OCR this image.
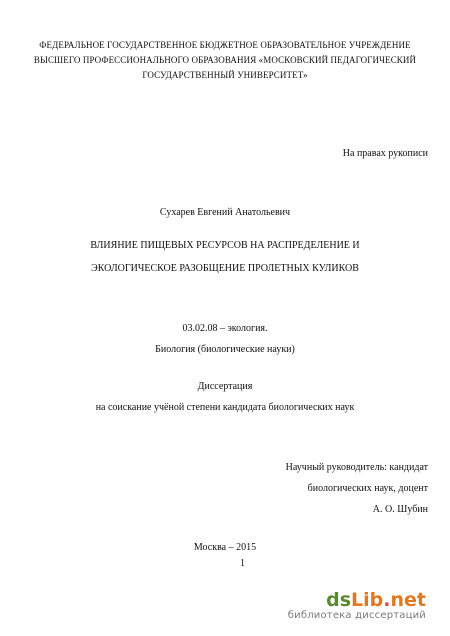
ФЕДЕРАЛЬНОЕ ГОСУДАРСТВЕННОЕ БЮДЖЕТНОЕ ОБРАЗОВАТЕЛЬНОЕ УЧРЕЖДЕНИЕ
ВЫСШЕГО ПРОФЕССИОНАЛЬНОГО ОБРАЗОВАНИЯ «МОСКОВСКИЙ ПЕДАГОГИЧЕСКИЙ
ГОСУДАРСТВЕННЫЙ УНИВЕРСИТЕТ»
На правах рукописи
Сухарев Евгений Анатольевич
ВЛИЯНИЕ ПИЩЕВЫХ РЕСУРСОВ НА РАСПРЕДЕЛЕНИЕ И
ЭКОЛОГИЧЕСКОЕ РАЗОБЩЕНИЕ ПРОЛЕТНЫХ КУЛИКОВ
03.02.08 – экология.
Биология (биологические науки)
Диссертация
на соискание учёной степени кандидата биологических наук
Научный руководитель: кандидат
биологических наук, доцент
А. О. Шубин
Москва – 2015
1
ds Lib . net
библиотека диссертаций
